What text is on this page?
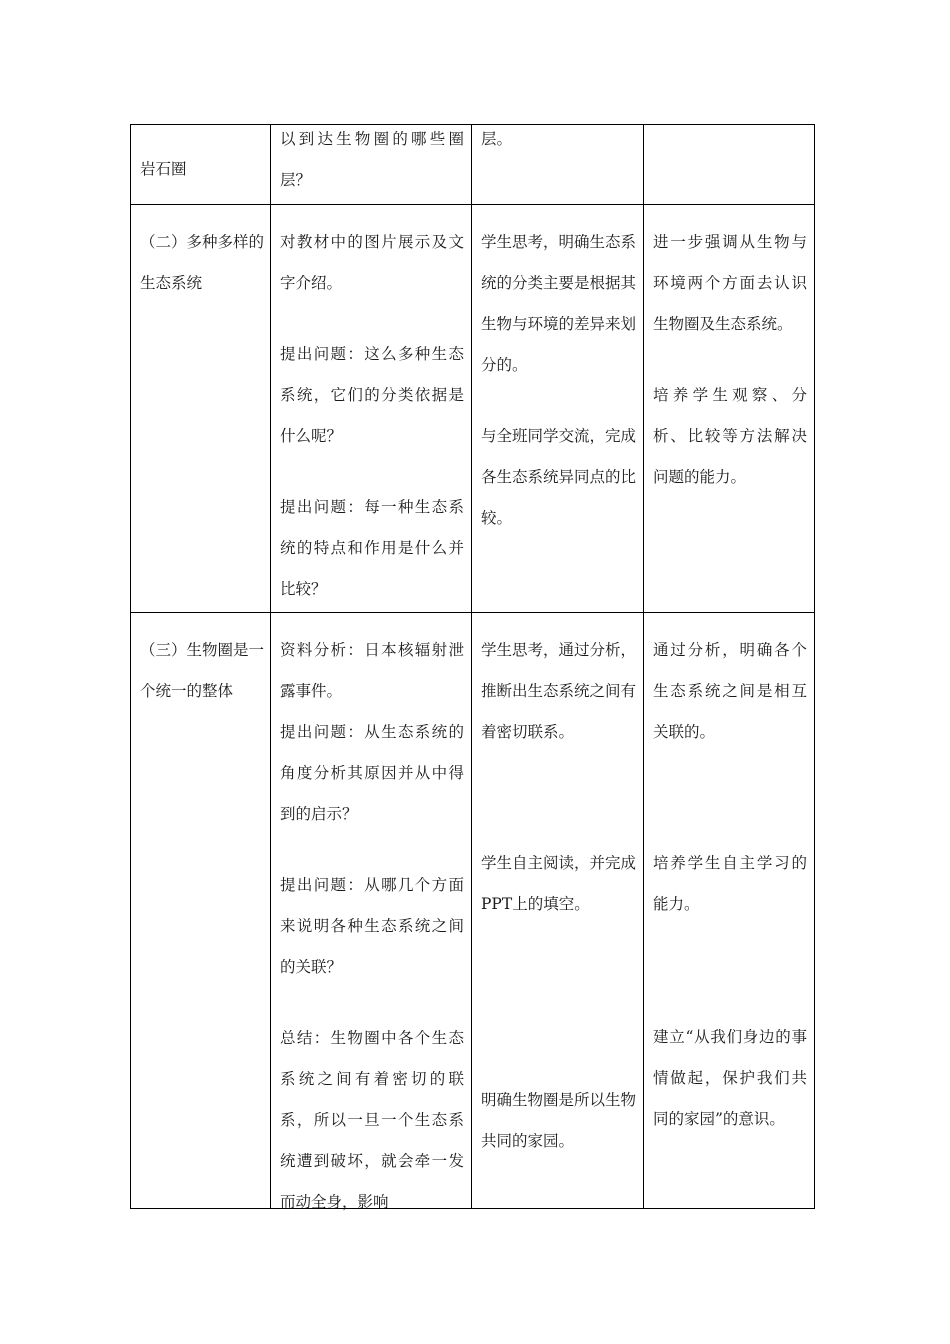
岩石圈

以到达生物圈的哪些圈层？

层。

（二）多种多样的生态系统

对教材中的图片展示及文字介绍。

提出问题：这么多种生态系统，它们的分类依据是什么呢？

提出问题：每一种生态系统的特点和作用是什么并比较？

学生思考，明确生态系统的分类主要是根据其生物与环境的差异来划分的。

与全班同学交流，完成各生态系统异同点的比较。

进一步强调从生物与环境两个方面去认识生物圈及生态系统。

培养学生观察、分析、比较等方法解决问题的能力。

（三）生物圈是一个统一的整体

资料分析：日本核辐射泄露事件。

提出问题：从生态系统的角度分析其原因并从中得到的启示？

提出问题：从哪几个方面来说明各种生态系统之间的关联？

总结：生物圈中各个生态系统之间有着密切的联系，所以一旦一个生态系统遭到破坏，就会牵一发而动全身，影响

学生思考，通过分析，推断出生态系统之间有着密切联系。

学生自主阅读，并完成PPT上的填空。

明确生物圈是所以生物共同的家园。

通过分析，明确各个生态系统之间是相互关联的。

培养学生自主学习的能力。

建立“从我们身边的事情做起，保护我们共同的家园”的意识。
